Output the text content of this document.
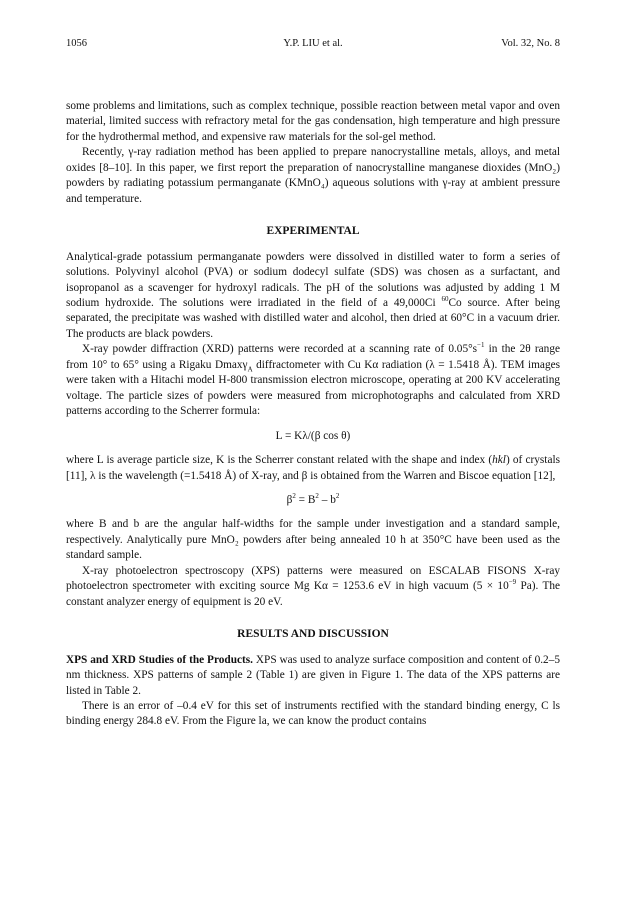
1056	Y.P. LIU et al.	Vol. 32, No. 8

some problems and limitations, such as complex technique, possible reaction between metal vapor and oven material, limited success with refractory metal for the gas condensation, high temperature and high pressure for the hydrothermal method, and expensive raw materials for the sol-gel method.

Recently, γ-ray radiation method has been applied to prepare nanocrystalline metals, alloys, and metal oxides [8–10]. In this paper, we first report the preparation of nanocrystalline manganese dioxides (MnO₂) powders by radiating potassium permanganate (KMnO₄) aqueous solutions with γ-ray at ambient pressure and temperature.

EXPERIMENTAL

Analytical-grade potassium permanganate powders were dissolved in distilled water to form a series of solutions. Polyvinyl alcohol (PVA) or sodium dodecyl sulfate (SDS) was chosen as a surfactant, and isopropanol as a scavenger for hydroxyl radicals. The pH of the solutions was adjusted by adding 1 M sodium hydroxide. The solutions were irradiated in the field of a 49,000Ci $^{60}$Co source. After being separated, the precipitate was washed with distilled water and alcohol, then dried at 60°C in a vacuum drier. The products are black powders.

X-ray powder diffraction (XRD) patterns were recorded at a scanning rate of $0.05^\circ s^{-1}$ in the 2θ range from 10° to 65° using a Rigaku Dmaxγ$_A$ diffractometer with Cu Kα radiation (λ = 1.5418 Å). TEM images were taken with a Hitachi model H-800 transmission electron microscope, operating at 200 KV accelerating voltage. The particle sizes of powders were measured from microphotographs and calculated from XRD patterns according to the Scherrer formula:

L = Kλ/(β cos θ)

where L is average particle size, K is the Scherrer constant related with the shape and index (hkl) of crystals [11], λ is the wavelength (=1.5418 Å) of X-ray, and β is obtained from the Warren and Biscoe equation [12],

$\beta^2 = B^2 - b^2$

where B and b are the angular half-widths for the sample under investigation and a standard sample, respectively. Analytically pure MnO₂ powders after being annealed 10 h at 350°C have been used as the standard sample.

X-ray photoelectron spectroscopy (XPS) patterns were measured on ESCALAB FISONS X-ray photoelectron spectrometer with exciting source Mg Kα = 1253.6 eV in high vacuum ($5 \times 10^{-9}$ Pa). The constant analyzer energy of equipment is 20 eV.

RESULTS AND DISCUSSION

XPS and XRD Studies of the Products. XPS was used to analyze surface composition and content of 0.2–5 nm thickness. XPS patterns of sample 2 (Table 1) are given in Figure 1. The data of the XPS patterns are listed in Table 2.

There is an error of –0.4 eV for this set of instruments rectified with the standard binding energy, C ls binding energy 284.8 eV. From the Figure la, we can know the product contains
